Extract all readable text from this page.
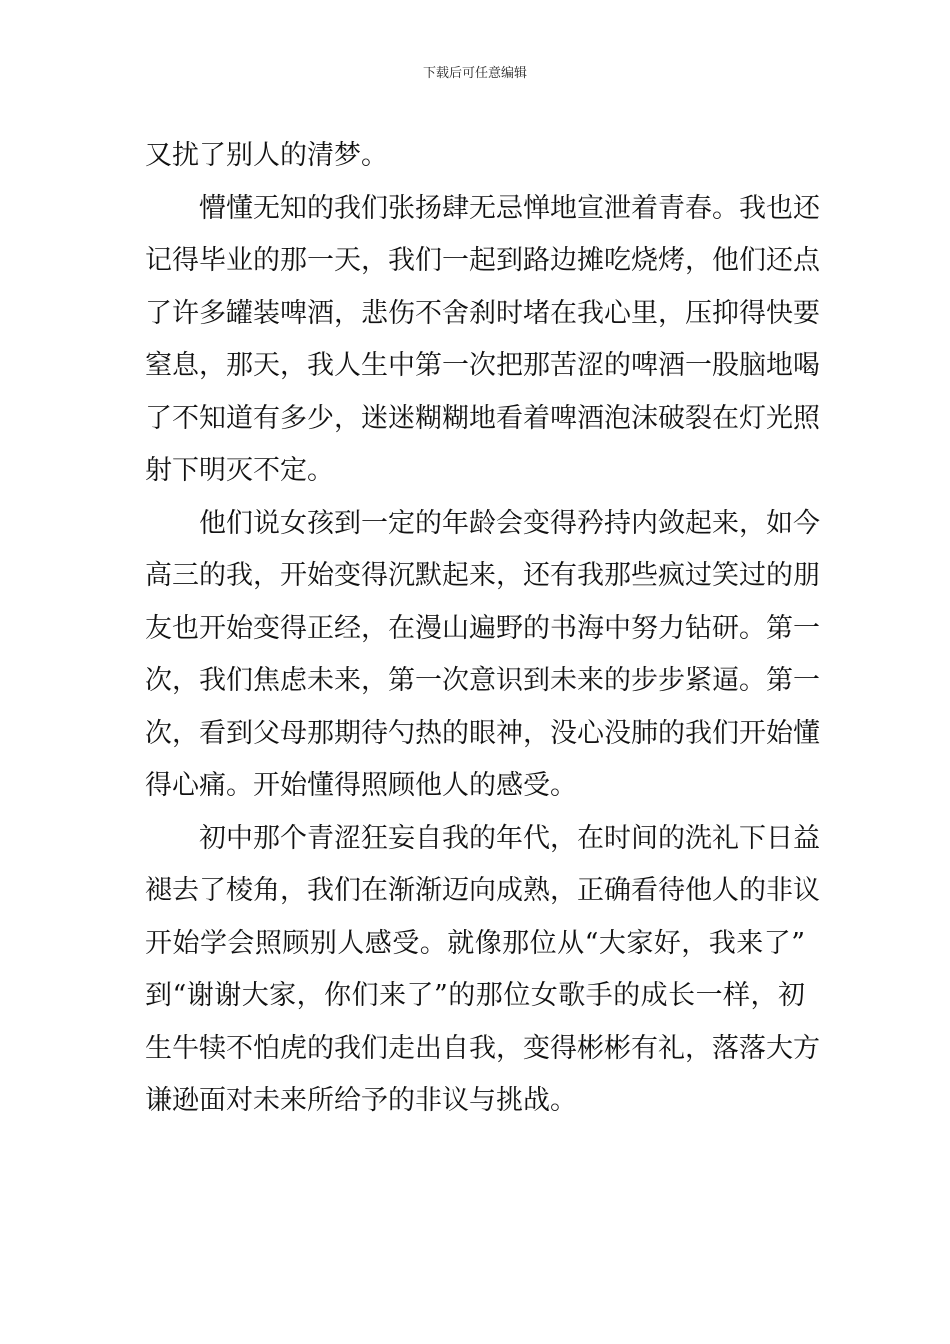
下载后可任意编辑

又扰了别人的清梦。

懵懂无知的我们张扬肆无忌惮地宣泄着青春。我也还
记得毕业的那一天，我们一起到路边摊吃烧烤，他们还点
了许多罐装啤酒，悲伤不舍刹时堵在我心里，压抑得快要
窒息，那天，我人生中第一次把那苦涩的啤酒一股脑地喝
了不知道有多少，迷迷糊糊地看着啤酒泡沫破裂在灯光照
射下明灭不定。

他们说女孩到一定的年龄会变得矜持内敛起来，如今
高三的我，开始变得沉默起来，还有我那些疯过笑过的朋
友也开始变得正经，在漫山遍野的书海中努力钻研。第一
次，我们焦虑未来，第一次意识到未来的步步紧逼。第一
次，看到父母那期待勺热的眼神，没心没肺的我们开始懂
得心痛。开始懂得照顾他人的感受。

初中那个青涩狂妄自我的年代，在时间的洗礼下日益
褪去了棱角，我们在渐渐迈向成熟，正确看待他人的非议
开始学会照顾别人感受。就像那位从“大家好，我来了”
到“谢谢大家，你们来了”的那位女歌手的成长一样，初
生牛犊不怕虎的我们走出自我，变得彬彬有礼，落落大方
谦逊面对未来所给予的非议与挑战。
